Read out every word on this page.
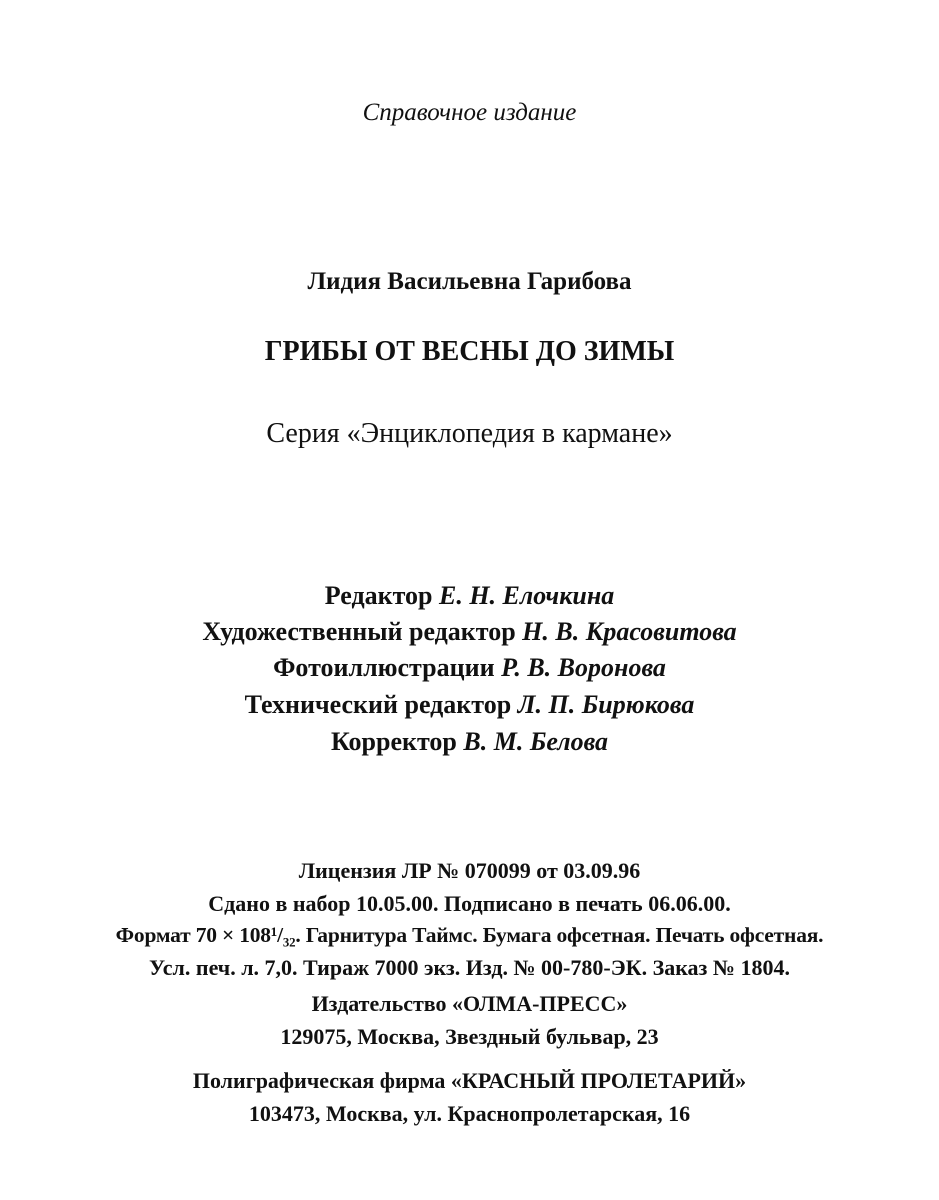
Справочное издание
Лидия Васильевна Гарибова
ГРИБЫ ОТ ВЕСНЫ ДО ЗИМЫ
Серия «Энциклопедия в кармане»
Редактор Е. Н. Елочкина
Художественный редактор Н. В. Красовитова
Фотоиллюстрации Р. В. Воронова
Технический редактор Л. П. Бирюкова
Корректор В. М. Белова
Лицензия ЛР № 070099 от 03.09.96
Сдано в набор 10.05.00. Подписано в печать 06.06.00.
Формат 70 × 108¹/₃₂. Гарнитура Таймс. Бумага офсетная. Печать офсетная.
Усл. печ. л. 7,0. Тираж 7000 экз. Изд. № 00-780-ЭК. Заказ № 1804.
Издательство «ОЛМА-ПРЕСС»
129075, Москва, Звездный бульвар, 23
Полиграфическая фирма «КРАСНЫЙ ПРОЛЕТАРИЙ»
103473, Москва, ул. Краснопролетарская, 16
